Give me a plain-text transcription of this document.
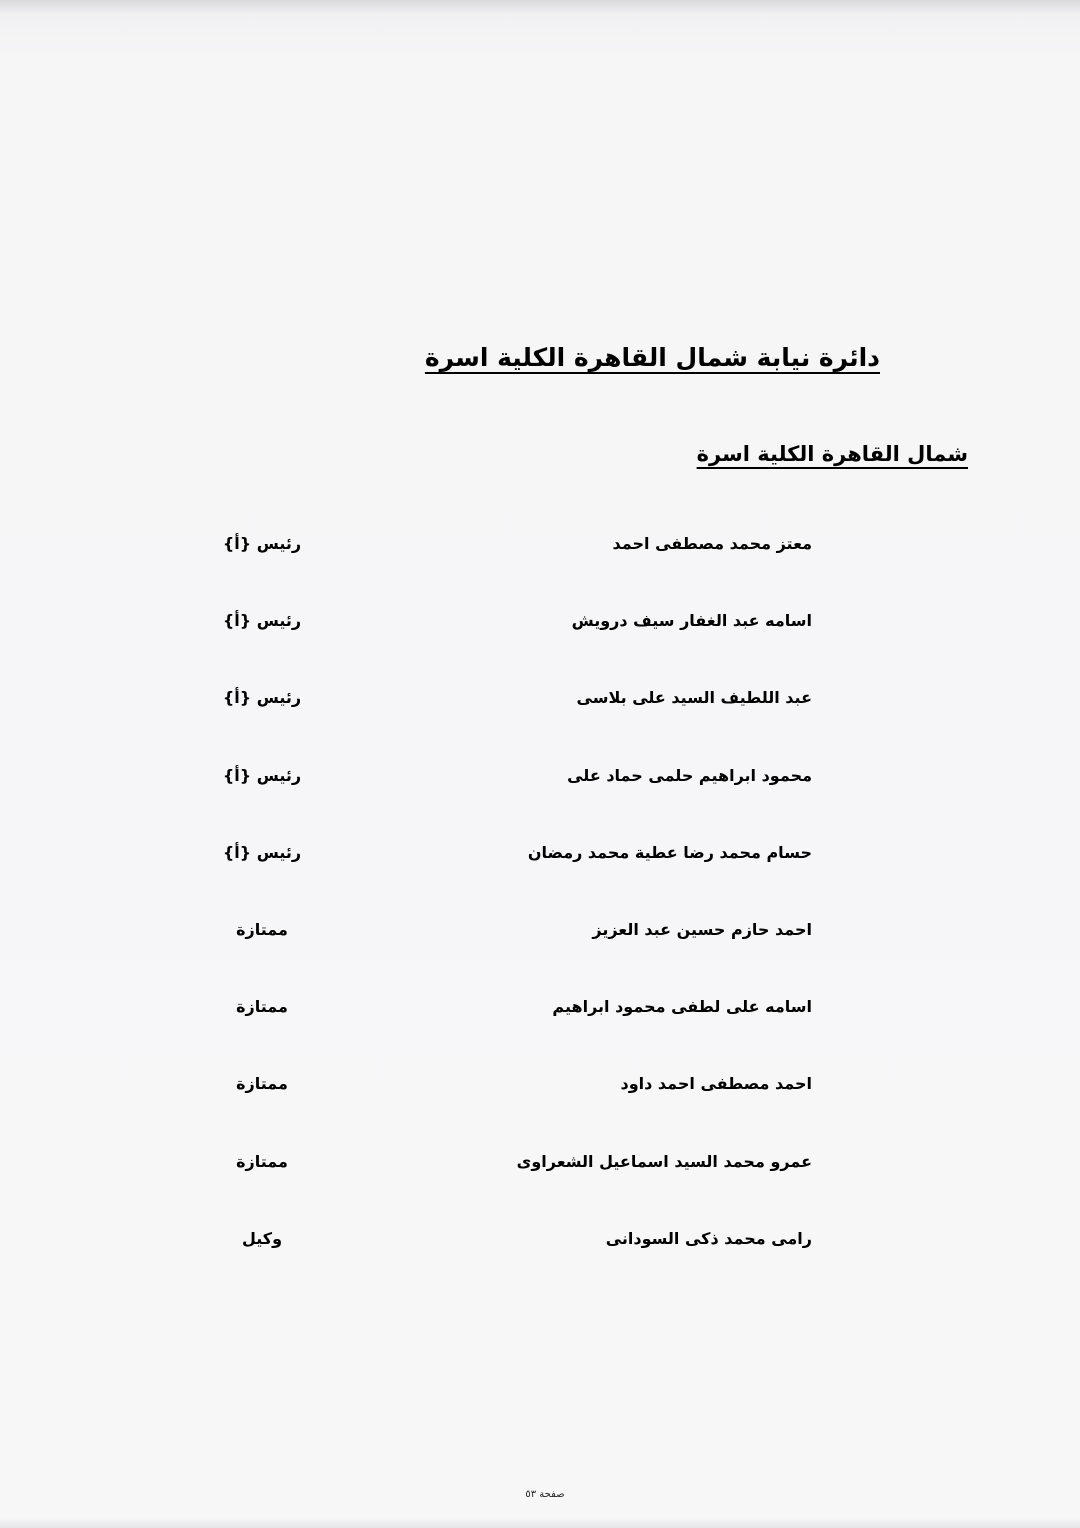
دائرة نيابة شمال القاهرة الكلية اسرة
شمال القاهرة الكلية اسرة
معتز محمد مصطفى احمد
رئيس {أ}
اسامه عبد الغفار سيف درويش
رئيس {أ}
عبد اللطيف السيد على بلاسى
رئيس {أ}
محمود ابراهيم حلمى حماد على
رئيس {أ}
حسام محمد رضا عطية محمد رمضان
رئيس {أ}
احمد حازم حسين عبد العزيز
ممتازة
اسامه على لطفى محمود ابراهيم
ممتازة
احمد مصطفى احمد داود
ممتازة
عمرو محمد السيد اسماعيل الشعراوى
ممتازة
رامى محمد ذكى السودانى
وكيل
صفحة ٥٣
